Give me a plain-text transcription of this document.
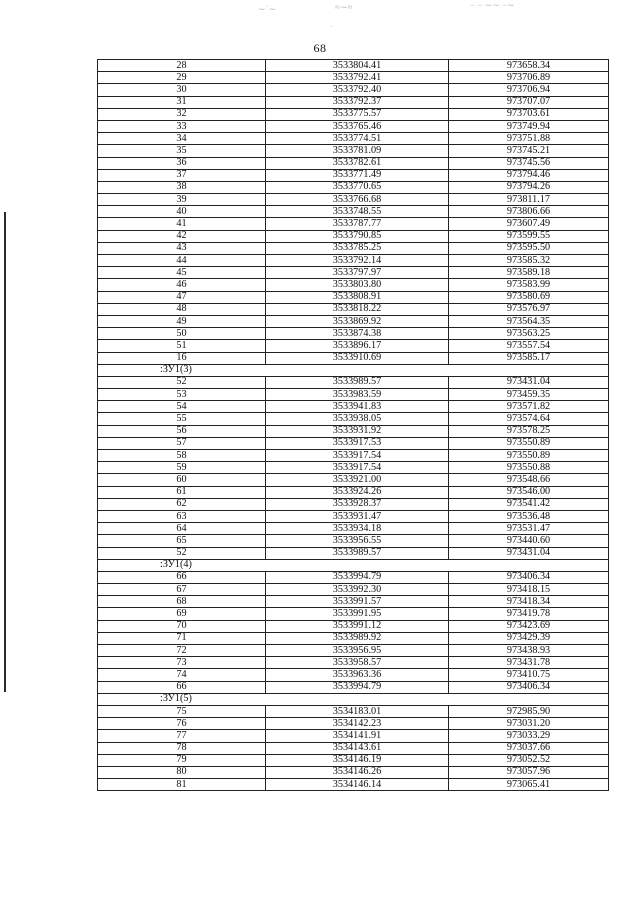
∼˙∼	≈∼≈
˙
− − ∼∼ −∼
68
28	3533804.41	973658.34
29	3533792.41	973706.89
30	3533792.40	973706.94
31	3533792.37	973707.07
32	3533775.57	973703.61
33	3533765.46	973749.94
34	3533774.51	973751.88
35	3533781.09	973745.21
36	3533782.61	973745.56
37	3533771.49	973794.46
38	3533770.65	973794.26
39	3533766.68	973811.17
40	3533748.55	973806.66
41	3533787.77	973607.49
42	3533790.85	973599.55
43	3533785.25	973595.50
44	3533792.14	973585.32
45	3533797.97	973589.18
46	3533803.80	973583.99
47	3533808.91	973580.69
48	3533818.22	973576.97
49	3533869.92	973564.35
50	3533874.38	973563.25
51	3533896.17	973557.54
16	3533910.69	973585.17
:ЗУ1(3)		
52	3533989.57	973431.04
53	3533983.59	973459.35
54	3533941.83	973571.82
55	3533938.05	973574.64
56	3533931.92	973578.25
57	3533917.53	973550.89
58	3533917.54	973550.89
59	3533917.54	973550.88
60	3533921.00	973548.66
61	3533924.26	973546.00
62	3533928.37	973541.42
63	3533931.47	973536.48
64	3533934.18	973531.47
65	3533956.55	973440.60
52	3533989.57	973431.04
:ЗУ1(4)		
66	3533994.79	973406.34
67	3533992.30	973418.15
68	3533991.57	973418.34
69	3533991.95	973419.78
70	3533991.12	973423.69
71	3533989.92	973429.39
72	3533956.95	973438.93
73	3533958.57	973431.78
74	3533963.36	973410.75
66	3533994.79	973406.34
:ЗУ1(5)		
75	3534183.01	972985.90
76	3534142.23	973031.20
77	3534141.91	973033.29
78	3534143.61	973037.66
79	3534146.19	973052.52
80	3534146.26	973057.96
81	3534146.14	973065.41
